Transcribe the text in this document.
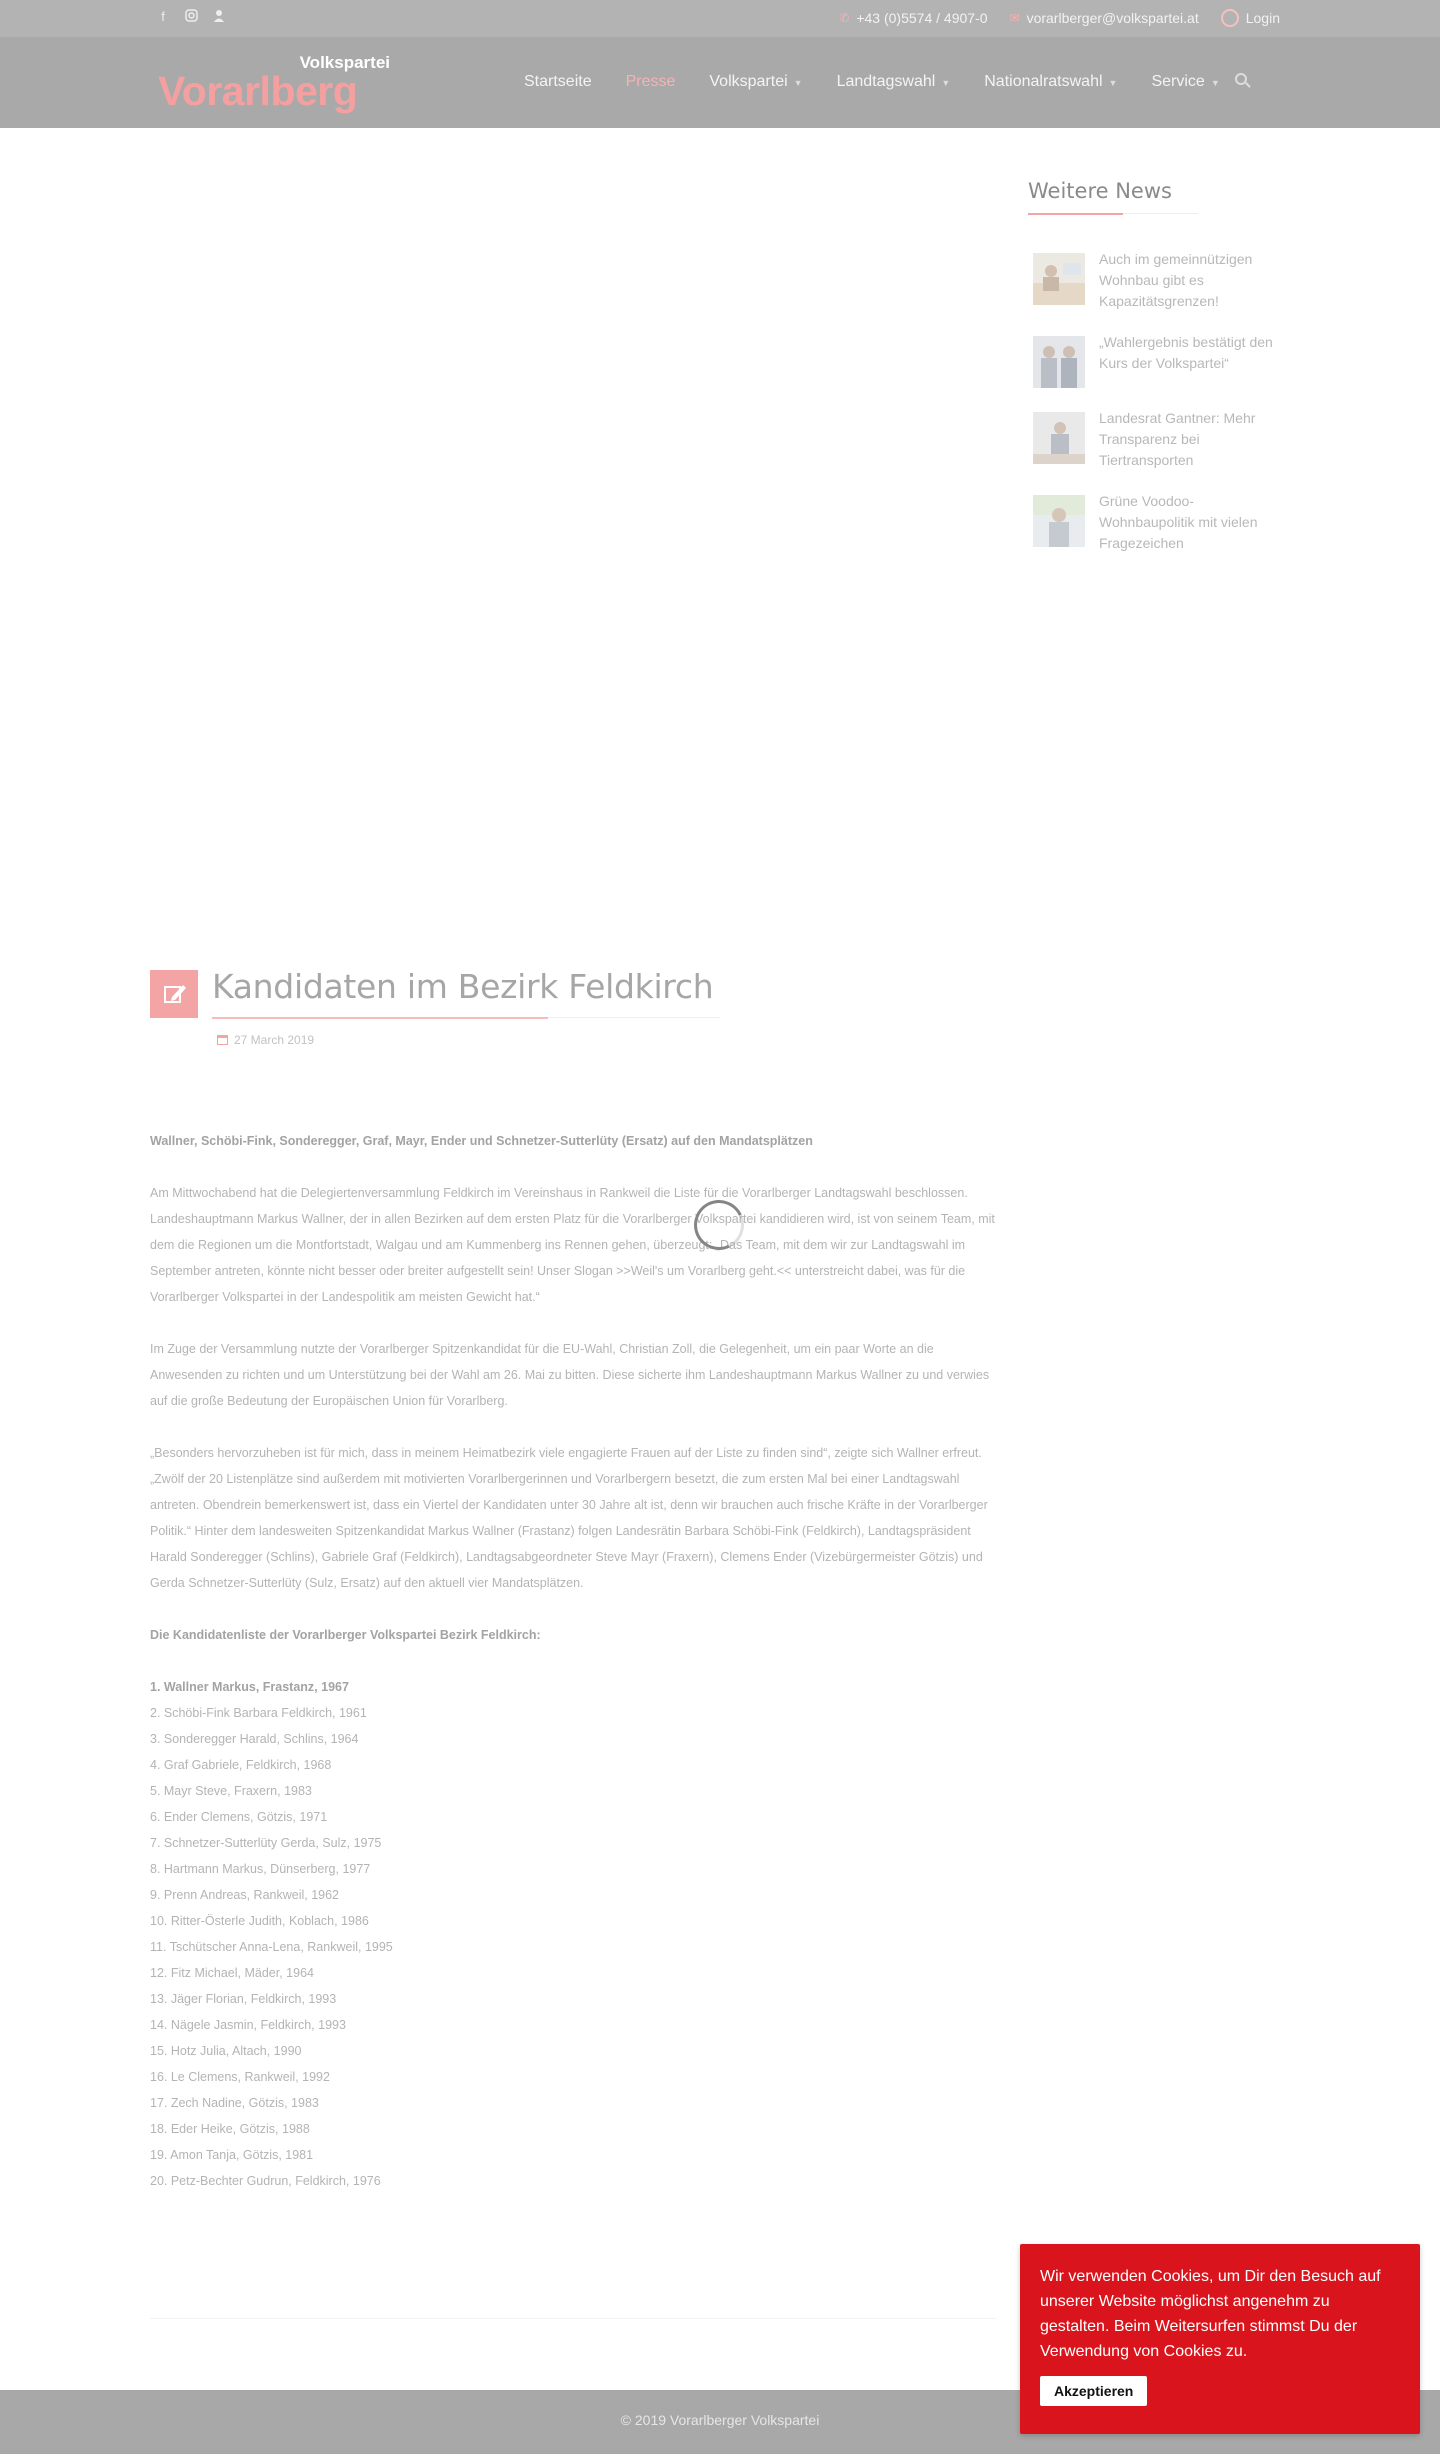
f	✆ +43 (0)5574 / 4907-0 ✉ vorarlberger@volkspartei.at	Login
Volkspartei
Vorarlberg	Startseite Presse Volkspartei ▼ Landtagswahl ▼ Nationalratswahl ▼ Service ▼
Weitere News
Auch im gemeinnützigen Wohnbau gibt es Kapazitätsgrenzen!
„Wahlergebnis bestätigt den Kurs der Volkspartei“
Landesrat Gantner: Mehr Transparenz bei Tiertransporten
Grüne Voodoo-Wohnbaupolitik mit vielen Fragezeichen
Kandidaten im Bezirk Feldkirch
27 March 2019

Wallner, Schöbi-Fink, Sonderegger, Graf, Mayr, Ender und Schnetzer-Sutterlüty (Ersatz) auf den Mandatsplätzen

Am Mittwochabend hat die Delegiertenversammlung Feldkirch im Vereinshaus in Rankweil die Liste für die Vorarlberger Landtagswahl beschlossen. Landeshauptmann Markus Wallner, der in allen Bezirken auf dem ersten Platz für die Vorarlberger Volkspartei kandidieren wird, ist von seinem Team, mit dem die Regionen um die Montfortstadt, Walgau und am Kummenberg ins Rennen gehen, überzeugt: „Das Team, mit dem wir zur Landtagswahl im September antreten, könnte nicht besser oder breiter aufgestellt sein! Unser Slogan >>Weil's um Vorarlberg geht.<< unterstreicht dabei, was für die Vorarlberger Volkspartei in der Landespolitik am meisten Gewicht hat.“

Im Zuge der Versammlung nutzte der Vorarlberger Spitzenkandidat für die EU-Wahl, Christian Zoll, die Gelegenheit, um ein paar Worte an die Anwesenden zu richten und um Unterstützung bei der Wahl am 26. Mai zu bitten. Diese sicherte ihm Landeshauptmann Markus Wallner zu und verwies auf die große Bedeutung der Europäischen Union für Vorarlberg.

„Besonders hervorzuheben ist für mich, dass in meinem Heimatbezirk viele engagierte Frauen auf der Liste zu finden sind“, zeigte sich Wallner erfreut. „Zwölf der 20 Listenplätze sind außerdem mit motivierten Vorarlbergerinnen und Vorarlbergern besetzt, die zum ersten Mal bei einer Landtagswahl antreten. Obendrein bemerkenswert ist, dass ein Viertel der Kandidaten unter 30 Jahre alt ist, denn wir brauchen auch frische Kräfte in der Vorarlberger Politik.“ Hinter dem landesweiten Spitzenkandidat Markus Wallner (Frastanz) folgen Landesrätin Barbara Schöbi-Fink (Feldkirch), Landtagspräsident Harald Sonderegger (Schlins), Gabriele Graf (Feldkirch), Landtagsabgeordneter Steve Mayr (Fraxern), Clemens Ender (Vizebürgermeister Götzis) und Gerda Schnetzer-Sutterlüty (Sulz, Ersatz) auf den aktuell vier Mandatsplätzen.

Die Kandidatenliste der Vorarlberger Volkspartei Bezirk Feldkirch:

1. Wallner Markus, Frastanz, 1967
2. Schöbi-Fink Barbara Feldkirch, 1961
3. Sonderegger Harald, Schlins, 1964
4. Graf Gabriele, Feldkirch, 1968
5. Mayr Steve, Fraxern, 1983
6. Ender Clemens, Götzis, 1971
7. Schnetzer-Sutterlüty Gerda, Sulz, 1975
8. Hartmann Markus, Dünserberg, 1977
9. Prenn Andreas, Rankweil, 1962
10. Ritter-Österle Judith, Koblach, 1986
11. Tschütscher Anna-Lena, Rankweil, 1995
12. Fitz Michael, Mäder, 1964
13. Jäger Florian, Feldkirch, 1993
14. Nägele Jasmin, Feldkirch, 1993
15. Hotz Julia, Altach, 1990
16. Le Clemens, Rankweil, 1992
17. Zech Nadine, Götzis, 1983
18. Eder Heike, Götzis, 1988
19. Amon Tanja, Götzis, 1981
20. Petz-Bechter Gudrun, Feldkirch, 1976
© 2019 Vorarlberger Volkspartei
Wir verwenden Cookies, um Dir den Besuch auf unserer Website möglichst angenehm zu gestalten. Beim Weitersurfen stimmst Du der Verwendung von Cookies zu.
Akzeptieren
